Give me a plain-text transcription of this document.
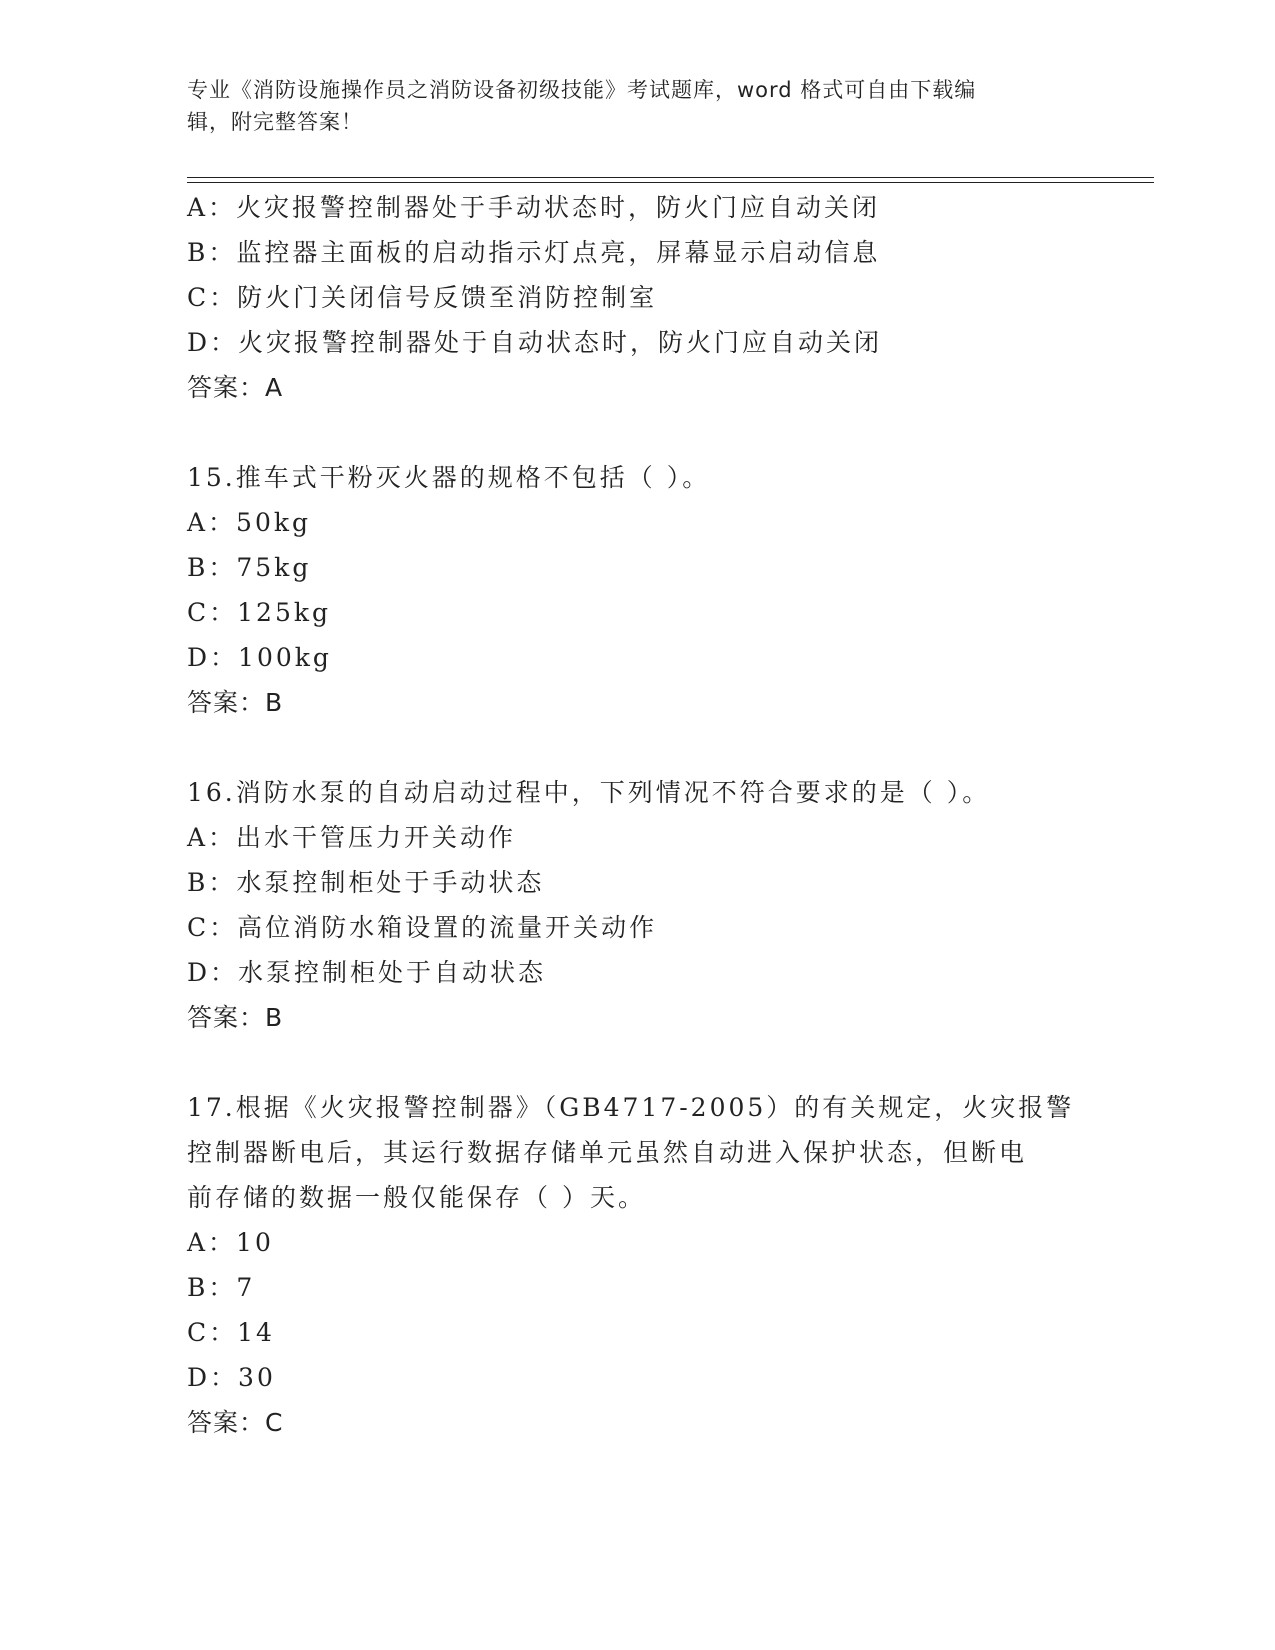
专业《消防设施操作员之消防设备初级技能》考试题库，word 格式可自由下载编
辑，附完整答案！
A：火灾报警控制器处于手动状态时，防火门应自动关闭
B：监控器主面板的启动指示灯点亮，屏幕显示启动信息
C：防火门关闭信号反馈至消防控制室
D：火灾报警控制器处于自动状态时，防火门应自动关闭
答案：A
15.推车式干粉灭火器的规格不包括（ ）。
A：50kg
B：75kg
C：125kg
D：100kg
答案：B
16.消防水泵的自动启动过程中，下列情况不符合要求的是（ ）。
A：出水干管压力开关动作
B：水泵控制柜处于手动状态
C：高位消防水箱设置的流量开关动作
D：水泵控制柜处于自动状态
答案：B
17.根据《火灾报警控制器》（GB4717-2005）的有关规定，火灾报警
控制器断电后，其运行数据存储单元虽然自动进入保护状态，但断电
前存储的数据一般仅能保存（ ）天。
A：10
B：7
C：14
D：30
答案：C
